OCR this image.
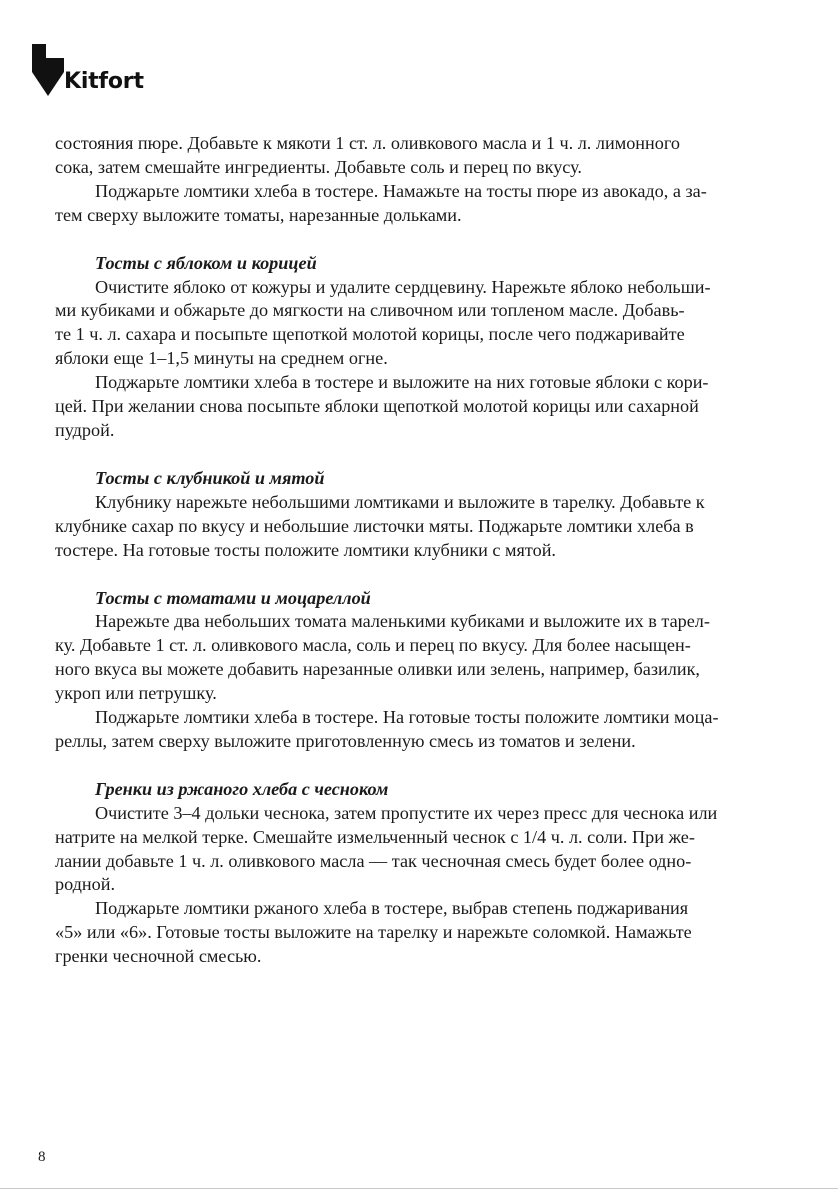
Kitfort

состояния пюре. Добавьте к мякоти 1 ст. л. оливкового масла и 1 ч. л. лимонного

сока, затем смешайте ингредиенты. Добавьте соль и перец по вкусу.

Поджарьте ломтики хлеба в тостере. Намажьте на тосты пюре из авокадо, а за-

тем сверху выложите томаты, нарезанные дольками.

Тосты с яблоком и корицей

Очистите яблоко от кожуры и удалите сердцевину. Нарежьте яблоко небольши-

ми кубиками и обжарьте до мягкости на сливочном или топленом масле. Добавь-

те 1 ч. л. сахара и посыпьте щепоткой молотой корицы, после чего поджаривайте

яблоки еще 1–1,5 минуты на среднем огне.

Поджарьте ломтики хлеба в тостере и выложите на них готовые яблоки с кори-

цей. При желании снова посыпьте яблоки щепоткой молотой корицы или сахарной

пудрой.

Тосты с клубникой и мятой

Клубнику нарежьте небольшими ломтиками и выложите в тарелку. Добавьте к

клубнике сахар по вкусу и небольшие листочки мяты. Поджарьте ломтики хлеба в

тостере. На готовые тосты положите ломтики клубники с мятой.

Тосты с томатами и моцареллой

Нарежьте два небольших томата маленькими кубиками и выложите их в тарел-

ку. Добавьте 1 ст. л. оливкового масла, соль и перец по вкусу. Для более насыщен-

ного вкуса вы можете добавить нарезанные оливки или зелень, например, базилик,

укроп или петрушку.

Поджарьте ломтики хлеба в тостере. На готовые тосты положите ломтики моца-

реллы, затем сверху выложите приготовленную смесь из томатов и зелени.

Гренки из ржаного хлеба с чесноком

Очистите 3–4 дольки чеснока, затем пропустите их через пресс для чеснока или

натрите на мелкой терке. Смешайте измельченный чеснок с 1/4 ч. л. соли. При же-

лании добавьте 1 ч. л. оливкового масла — так чесночная смесь будет более одно-

родной.

Поджарьте ломтики ржаного хлеба в тостере, выбрав степень поджаривания

«5» или «6». Готовые тосты выложите на тарелку и нарежьте соломкой. Намажьте

гренки чесночной смесью.

8
